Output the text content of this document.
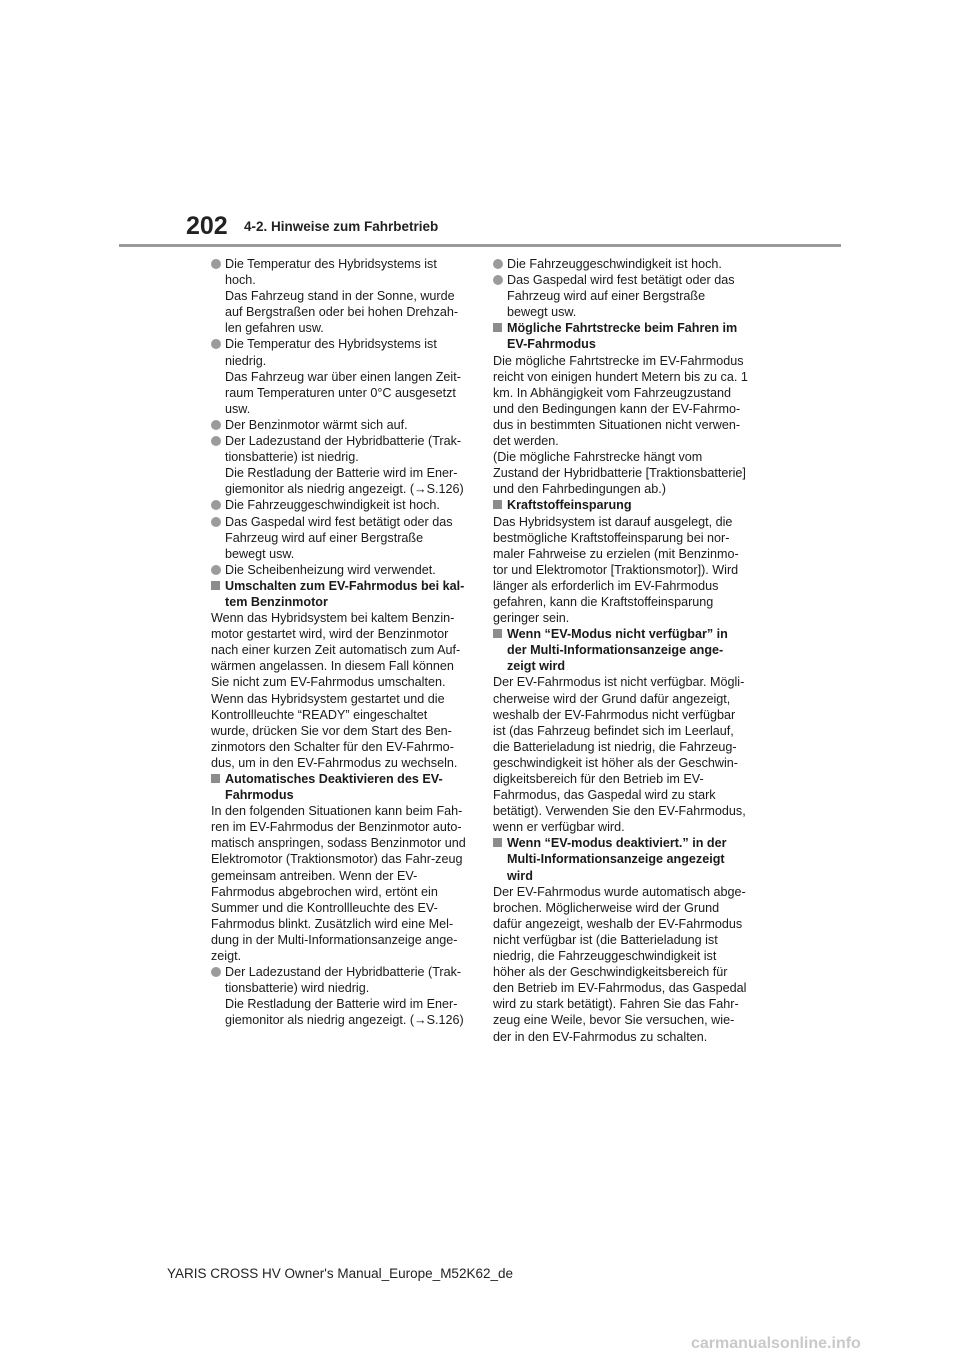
202 4-2. Hinweise zum Fahrbetrieb

Die Temperatur des Hybridsystems ist hoch.
Das Fahrzeug stand in der Sonne, wurde auf Bergstraßen oder bei hohen Drehzah-len gefahren usw.

Die Temperatur des Hybridsystems ist niedrig.
Das Fahrzeug war über einen langen Zeit-raum Temperaturen unter 0°C ausgesetzt usw.

Der Benzinmotor wärmt sich auf.

Der Ladezustand der Hybridbatterie (Trak-tionsbatterie) ist niedrig.
Die Restladung der Batterie wird im Ener-giemonitor als niedrig angezeigt. (→S.126)

Die Fahrzeuggeschwindigkeit ist hoch.

Das Gaspedal wird fest betätigt oder das Fahrzeug wird auf einer Bergstraße bewegt usw.

Die Scheibenheizung wird verwendet.

Umschalten zum EV-Fahrmodus bei kal-tem Benzinmotor

Wenn das Hybridsystem bei kaltem Benzin-motor gestartet wird, wird der Benzinmotor nach einer kurzen Zeit automatisch zum Auf-wärmen angelassen. In diesem Fall können Sie nicht zum EV-Fahrmodus umschalten.

Wenn das Hybridsystem gestartet und die Kontrollleuchte “READY” eingeschaltet wurde, drücken Sie vor dem Start des Ben-zinmotors den Schalter für den EV-Fahrmo-dus, um in den EV-Fahrmodus zu wechseln.

Automatisches Deaktivieren des EV-Fahrmodus

In den folgenden Situationen kann beim Fah-ren im EV-Fahrmodus der Benzinmotor auto-matisch anspringen, sodass Benzinmotor und Elektromotor (Traktionsmotor) das Fahr-zeug gemeinsam antreiben. Wenn der EV-Fahrmodus abgebrochen wird, ertönt ein Summer und die Kontrollleuchte des EV-Fahrmodus blinkt. Zusätzlich wird eine Mel-dung in der Multi-Informationsanzeige ange-zeigt.

Der Ladezustand der Hybridbatterie (Trak-tionsbatterie) wird niedrig.
Die Restladung der Batterie wird im Ener-giemonitor als niedrig angezeigt. (→S.126)

Die Fahrzeuggeschwindigkeit ist hoch.

Das Gaspedal wird fest betätigt oder das Fahrzeug wird auf einer Bergstraße bewegt usw.

Mögliche Fahrtstrecke beim Fahren im EV-Fahrmodus

Die mögliche Fahrtstrecke im EV-Fahrmodus reicht von einigen hundert Metern bis zu ca. 1 km. In Abhängigkeit vom Fahrzeugzustand und den Bedingungen kann der EV-Fahrmo-dus in bestimmten Situationen nicht verwen-det werden.
(Die mögliche Fahrstrecke hängt vom Zustand der Hybridbatterie [Traktionsbatterie] und den Fahrbedingungen ab.)

Kraftstoffeinsparung

Das Hybridsystem ist darauf ausgelegt, die bestmögliche Kraftstoffeinsparung bei nor-maler Fahrweise zu erzielen (mit Benzinmo-tor und Elektromotor [Traktionsmotor]). Wird länger als erforderlich im EV-Fahrmodus gefahren, kann die Kraftstoffeinsparung geringer sein.

Wenn “EV-Modus nicht verfügbar” in der Multi-Informationsanzeige ange-zeigt wird

Der EV-Fahrmodus ist nicht verfügbar. Mögli-cherweise wird der Grund dafür angezeigt, weshalb der EV-Fahrmodus nicht verfügbar ist (das Fahrzeug befindet sich im Leerlauf, die Batterieladung ist niedrig, die Fahrzeug-geschwindigkeit ist höher als der Geschwin-digkeitsbereich für den Betrieb im EV-Fahrmodus, das Gaspedal wird zu stark betätigt). Verwenden Sie den EV-Fahrmodus, wenn er verfügbar wird.

Wenn “EV-modus deaktiviert.” in der Multi-Informationsanzeige angezeigt wird

Der EV-Fahrmodus wurde automatisch abge-brochen. Möglicherweise wird der Grund dafür angezeigt, weshalb der EV-Fahrmodus nicht verfügbar ist (die Batterieladung ist niedrig, die Fahrzeuggeschwindigkeit ist höher als der Geschwindigkeitsbereich für den Betrieb im EV-Fahrmodus, das Gaspedal wird zu stark betätigt). Fahren Sie das Fahr-zeug eine Weile, bevor Sie versuchen, wie-der in den EV-Fahrmodus zu schalten.

YARIS CROSS HV Owner's Manual_Europe_M52K62_de
carmanualsonline.info
